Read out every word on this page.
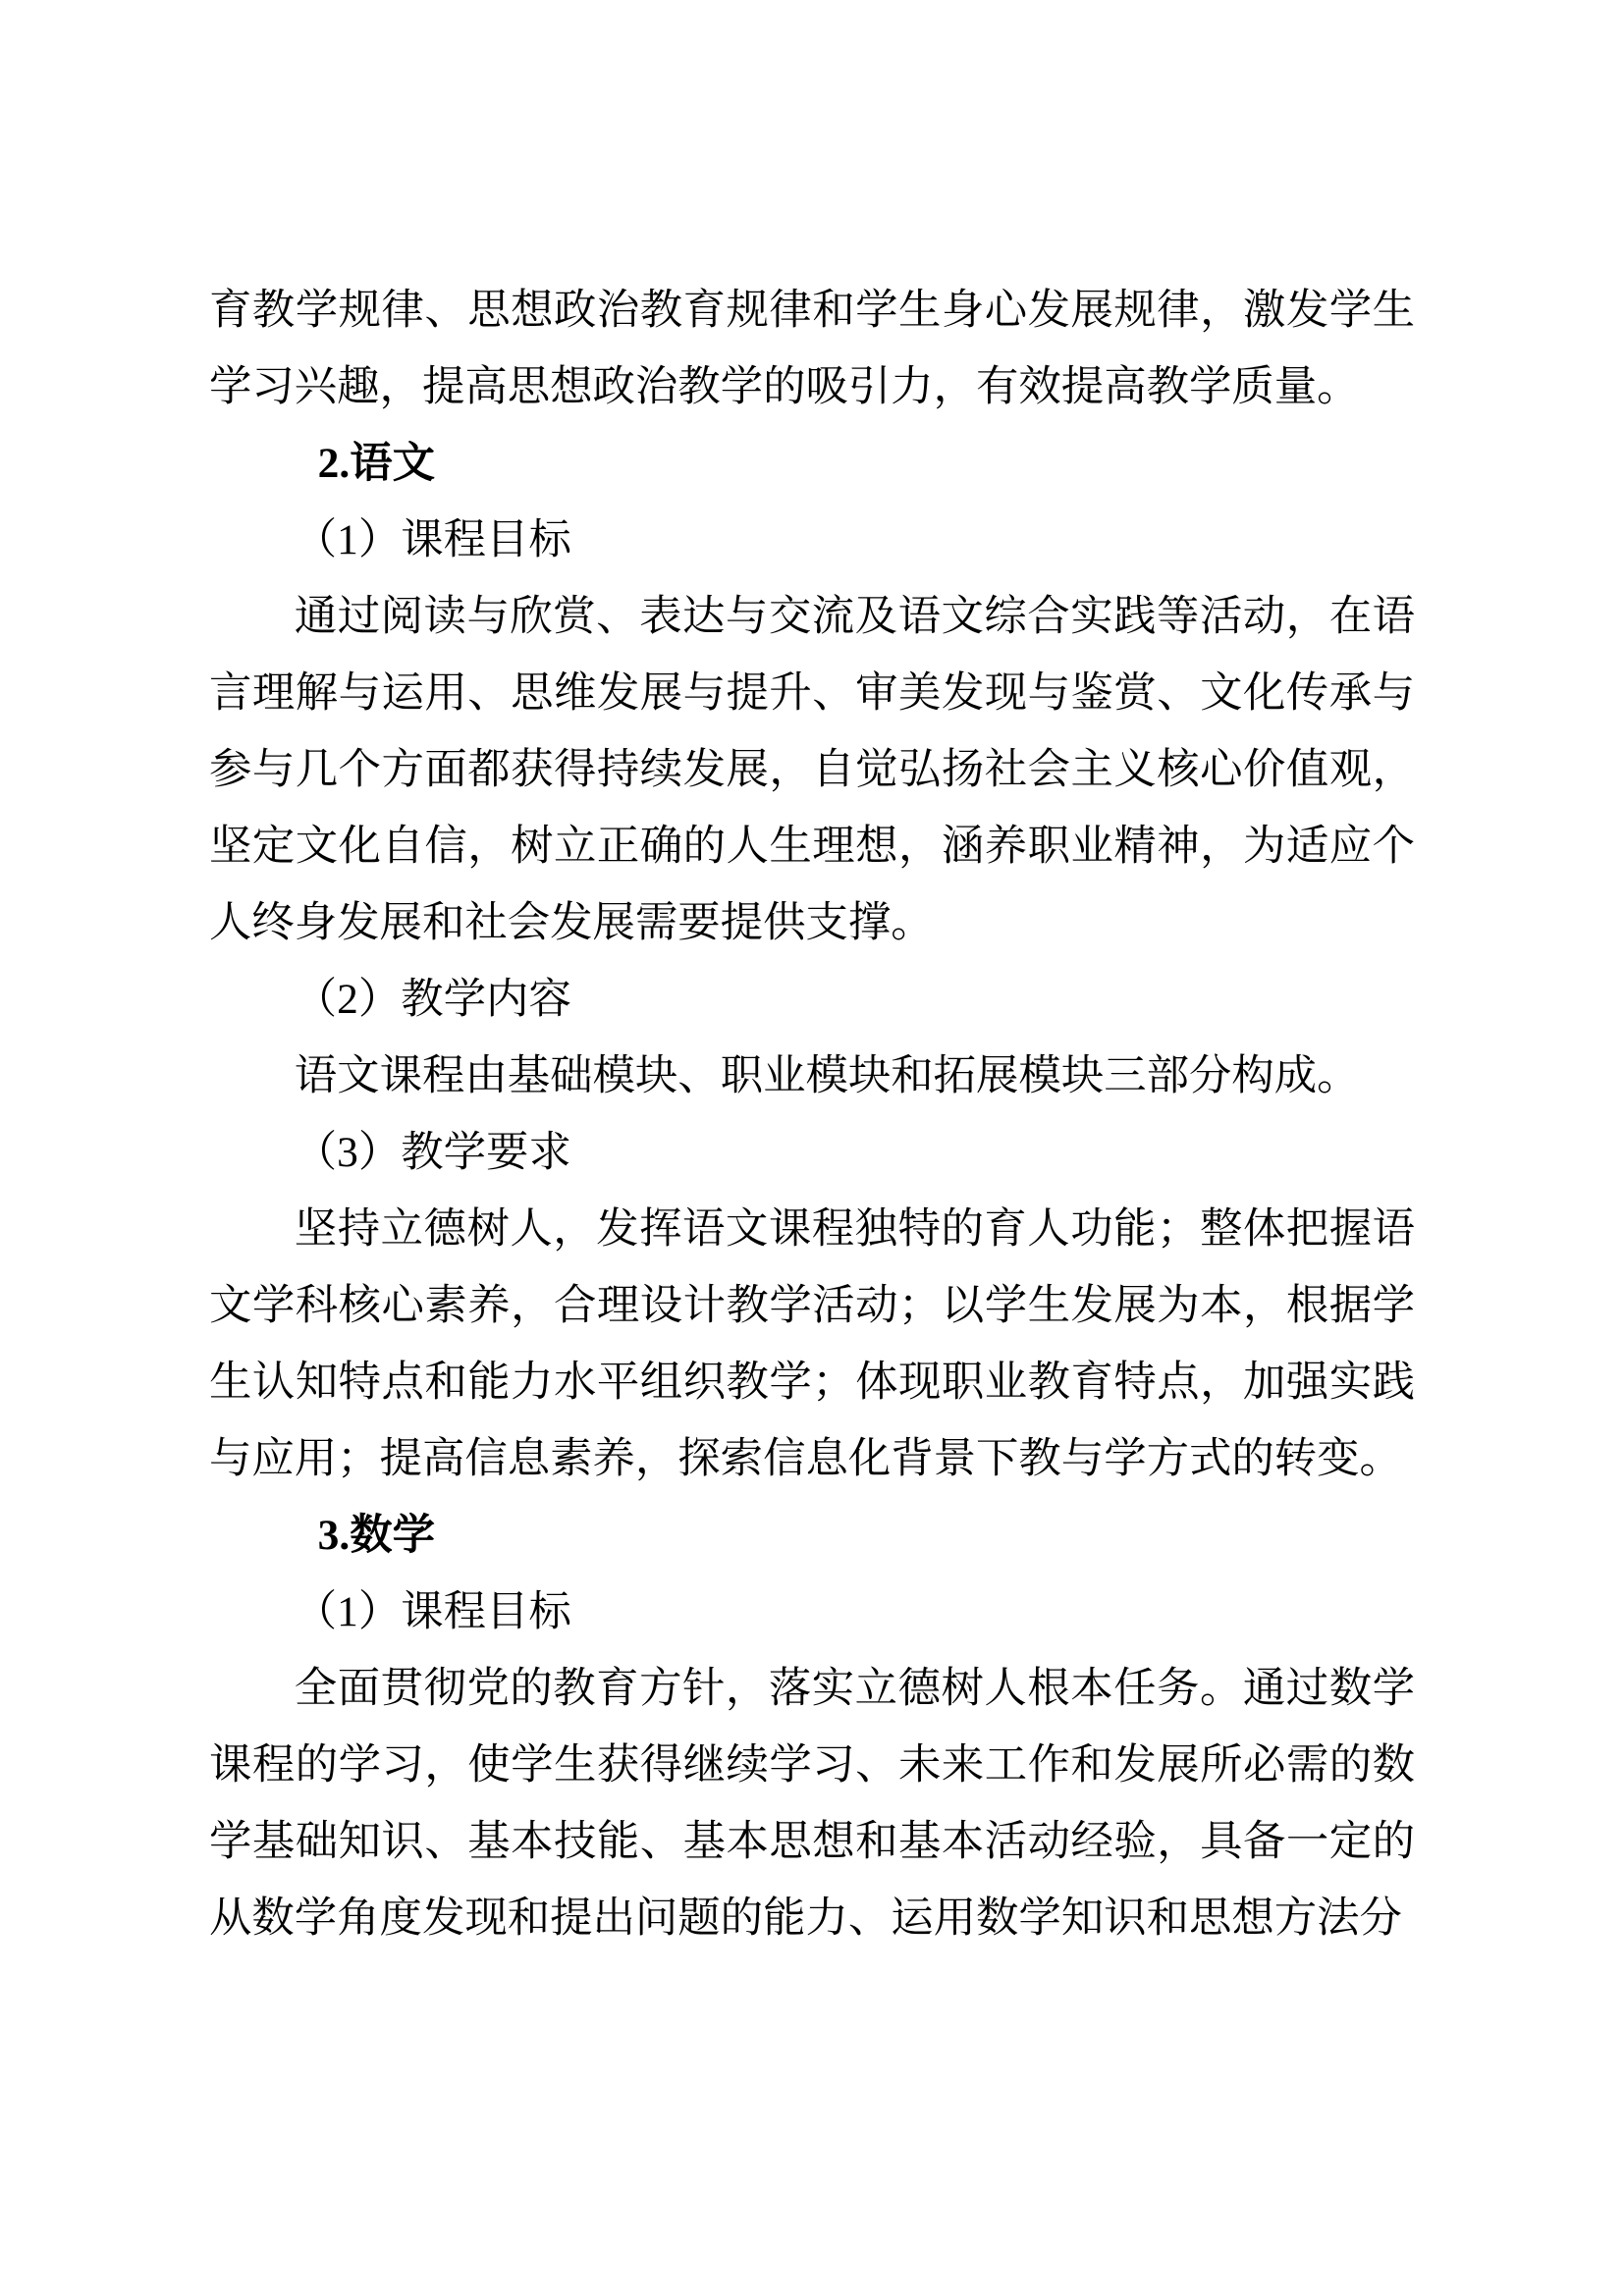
育教学规律、思想政治教育规律和学生身心发展规律，激发学生学习兴趣，提高思想政治教学的吸引力，有效提高教学质量。

2.语文

（1）课程目标

通过阅读与欣赏、表达与交流及语文综合实践等活动，在语言理解与运用、思维发展与提升、审美发现与鉴赏、文化传承与参与几个方面都获得持续发展，自觉弘扬社会主义核心价值观，坚定文化自信，树立正确的人生理想，涵养职业精神，为适应个人终身发展和社会发展需要提供支撑。

（2）教学内容

语文课程由基础模块、职业模块和拓展模块三部分构成。

（3）教学要求

坚持立德树人，发挥语文课程独特的育人功能；整体把握语文学科核心素养，合理设计教学活动；以学生发展为本，根据学生认知特点和能力水平组织教学；体现职业教育特点，加强实践与应用；提高信息素养，探索信息化背景下教与学方式的转变。

3.数学

（1）课程目标

全面贯彻党的教育方针，落实立德树人根本任务。通过数学课程的学习，使学生获得继续学习、未来工作和发展所必需的数学基础知识、基本技能、基本思想和基本活动经验，具备一定的从数学角度发现和提出问题的能力、运用数学知识和思想方法分
